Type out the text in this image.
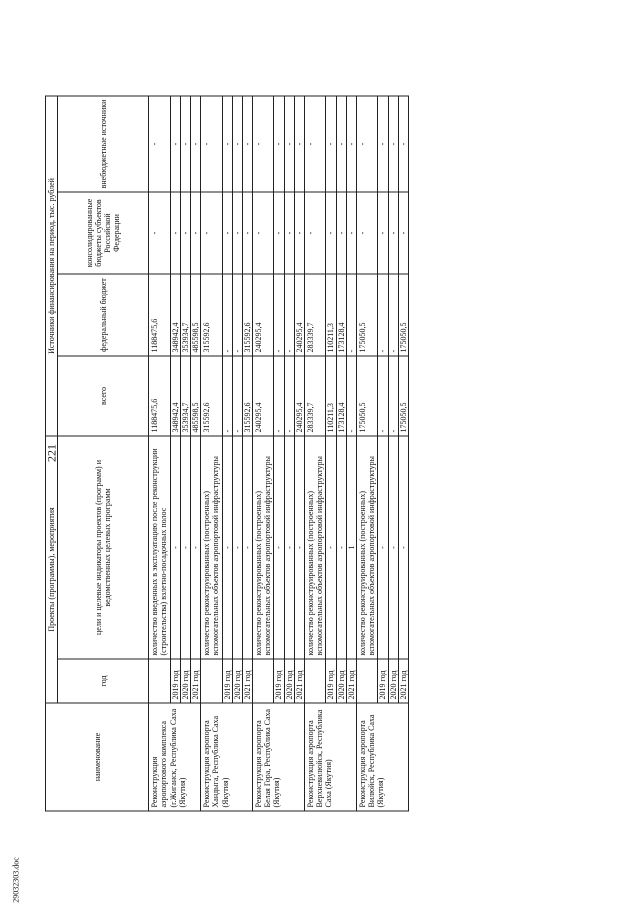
221
29032303.doc
наименование	Проекты (программы), мероприятия		Источники финансирования на период, тыс. рублей			
	год	цели и целевые индикаторы проектов (программ) и ведомственных целевых программ	всего	федеральный бюджет	консолидированные бюджеты субъектов Российской Федерации	внебюджетные источники
Реконструкция аэропортового комплекса (г.Жиганск, Республика Саха (Якутия)		количество введенных в эксплуатацию после реконструкции (строительства) взлетно-посадочных полос	1188475,6	1188475,6	-	-
	2019 год	-	348942,4	348942,4	-	-
	2020 год	-	353934,7	353934,7	-	-
	2021 год	-	485598,5	485598,5	-	-
Реконструкция аэропорта Хандыга, Республика Саха (Якутия)		количество реконструированных (построенных) вспомогательных объектов аэропортовой инфраструктуры	315592,6	315592,6	-	-
	2019 год	-	-	-	-	-
	2020 год	-	-	-	-	-
	2021 год	-	315592,6	315592,6	-	-
Реконструкция аэропорта Белая Гора, Республика Саха (Якутия)		количество реконструированных (построенных) вспомогательных объектов аэропортовой инфраструктуры	240295,4	240295,4	-	-
	2019 год	-	-	-	-	-
	2020 год	-	-	-	-	-
	2021 год	-	240295,4	240295,4	-	-
Реконструкция аэропорта Верхневилюйск, Республика Саха (Якутия)		количество реконструированных (построенных) вспомогательных объектов аэропортовой инфраструктуры	283339,7	283339,7	-	-
	2019 год	-	110211,3	110211,3	-	-
	2020 год	-	173128,4	173128,4	-	-
	2021 год	1	-	-	-	-
Реконструкция аэропорта Вилюйск, Республика Саха (Якутия)		количество реконструированных (построенных) вспомогательных объектов аэропортовой инфраструктуры	175050,5	175050,5	-	-
	2019 год	-	-	-	-	-
	2020 год	-	-	-	-	-
	2021 год	-	175050,5	175050,5	-	-
